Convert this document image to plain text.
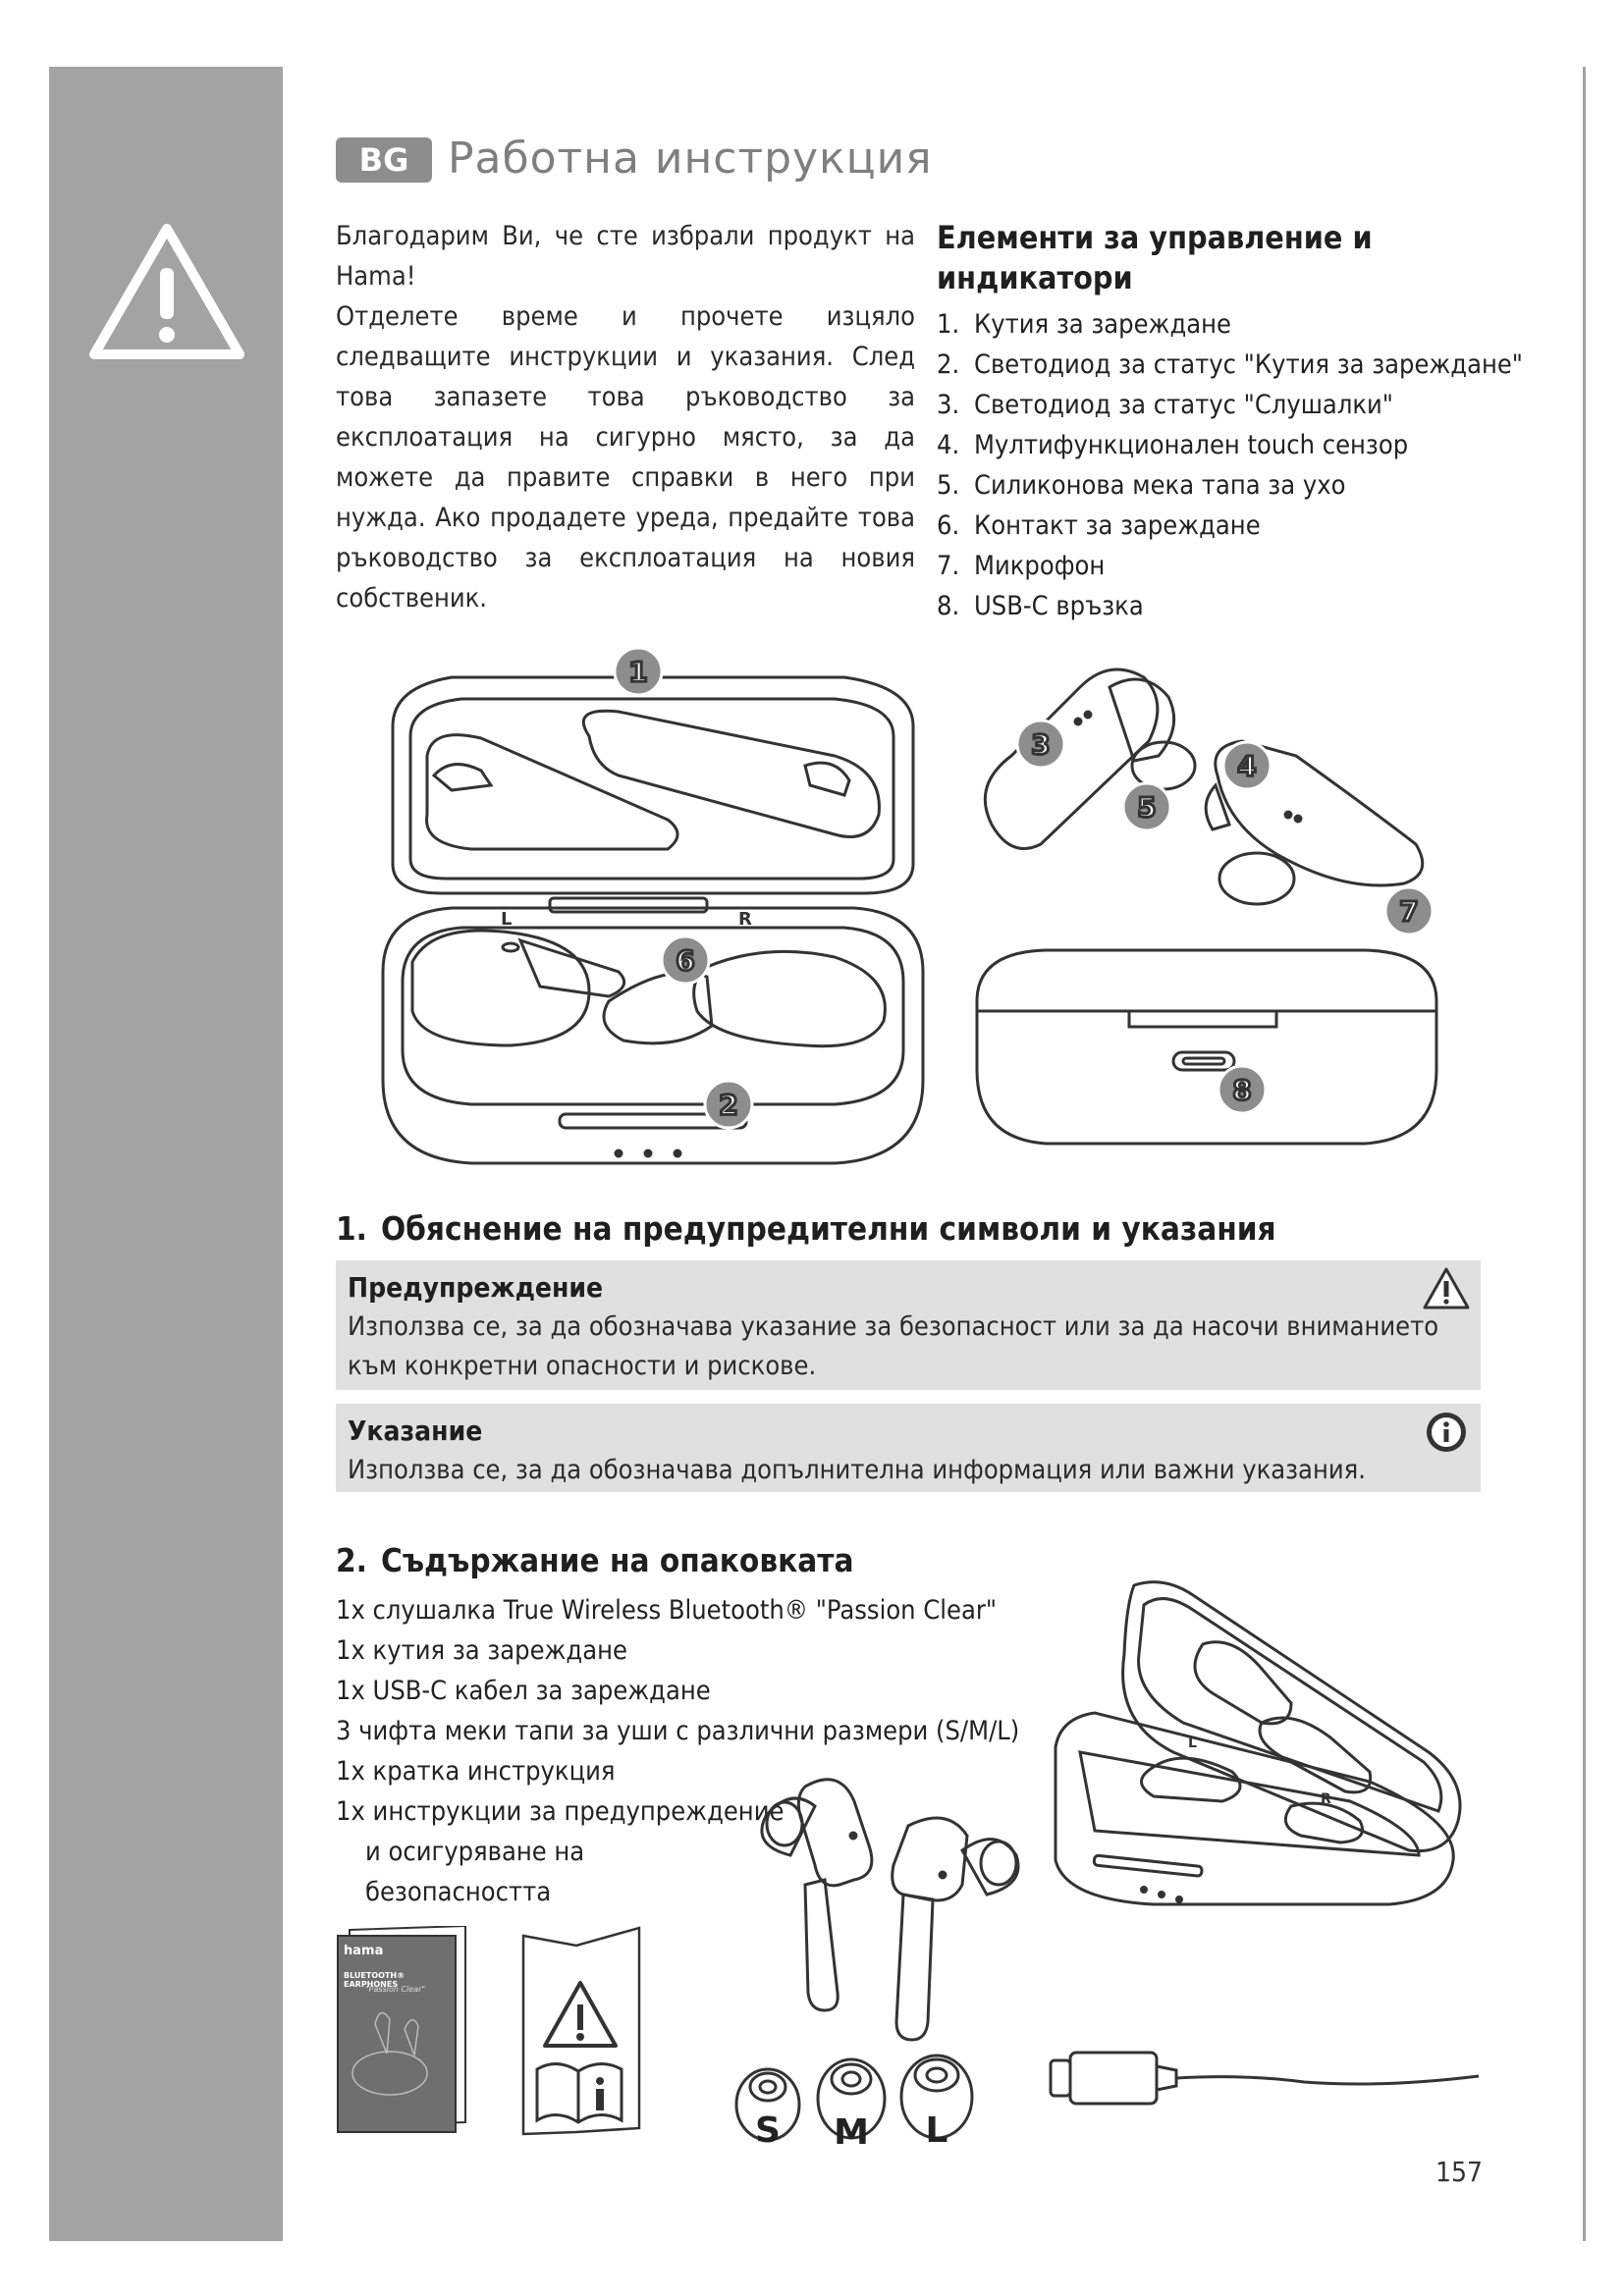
BG Работна инструкция

Благодарим Ви, че сте избрали продукт на Hama!

Отделете време и прочете изцяло следващите инструкции и указания. След това запазете това ръководство за експлоатация на сигурно място, за да можете да правите справки в него при нужда. Ако продадете уреда, предайте това ръководство за експлоатация на новия собственик.

Елементи за управление и индикатори
1. Кутия за зареждане
2. Светодиод за статус "Кутия за зареждане"
3. Светодиод за статус "Слушалки"
4. Мултифункционален touch сензор
5. Силиконова мека тапа за ухо
6. Контакт за зареждане
7. Микрофон
8. USB-C връзка
L	R
1
6
2
3
5
4
7
8
1. Обяснение на предупредителни символи и указания
Предупреждение
Използва се, за да обозначава указание за безопасност или за да насочи вниманието към конкретни опасности и рискове.
Указание
Използва се, за да обозначава допълнителна информация или важни указания.
2. Съдържание на опаковката
1x слушалка True Wireless Bluetooth® "Passion Clear"
1x кутия за зареждане
1x USB-C кабел за зареждане
3 чифта меки тапи за уши с различни размери (S/M/L)
1x кратка инструкция
1x инструкции за предупреждение
и осигуряване на
безопасността
hama
BLUETOOTH® EARPHONES
"Passion Clear"
L
R
S M L
157
